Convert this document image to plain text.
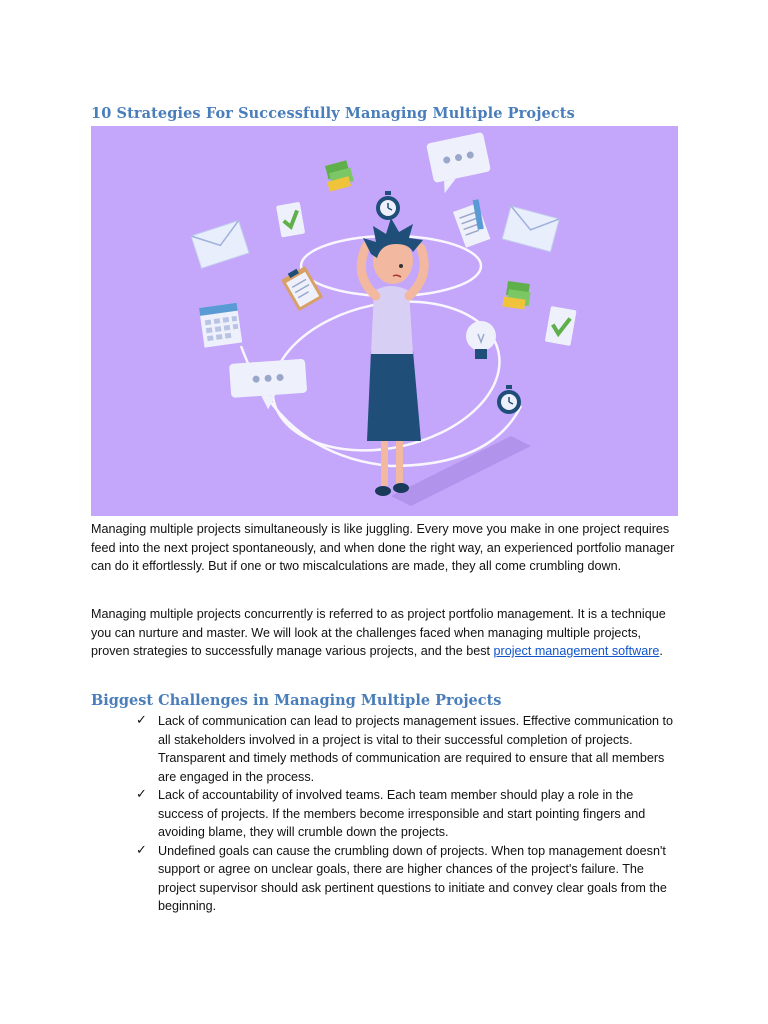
10 Strategies For Successfully Managing Multiple Projects

Managing multiple projects simultaneously is like juggling. Every move you make in one project requires feed into the next project spontaneously, and when done the right way, an experienced portfolio manager can do it effortlessly. But if one or two miscalculations are made, they all come crumbling down.

Managing multiple projects concurrently is referred to as project portfolio management. It is a technique you can nurture and master. We will look at the challenges faced when managing multiple projects, proven strategies to successfully manage various projects, and the best project management software.

Biggest Challenges in Managing Multiple Projects
✓ Lack of communication can lead to projects management issues. Effective communication to all stakeholders involved in a project is vital to their successful completion of projects. Transparent and timely methods of communication are required to ensure that all members are engaged in the process.
✓ Lack of accountability of involved teams. Each team member should play a role in the success of projects. If the members become irresponsible and start pointing fingers and avoiding blame, they will crumble down the projects.
✓ Undefined goals can cause the crumbling down of projects. When top management doesn't support or agree on unclear goals, there are higher chances of the project's failure. The project supervisor should ask pertinent questions to initiate and convey clear goals from the beginning.
